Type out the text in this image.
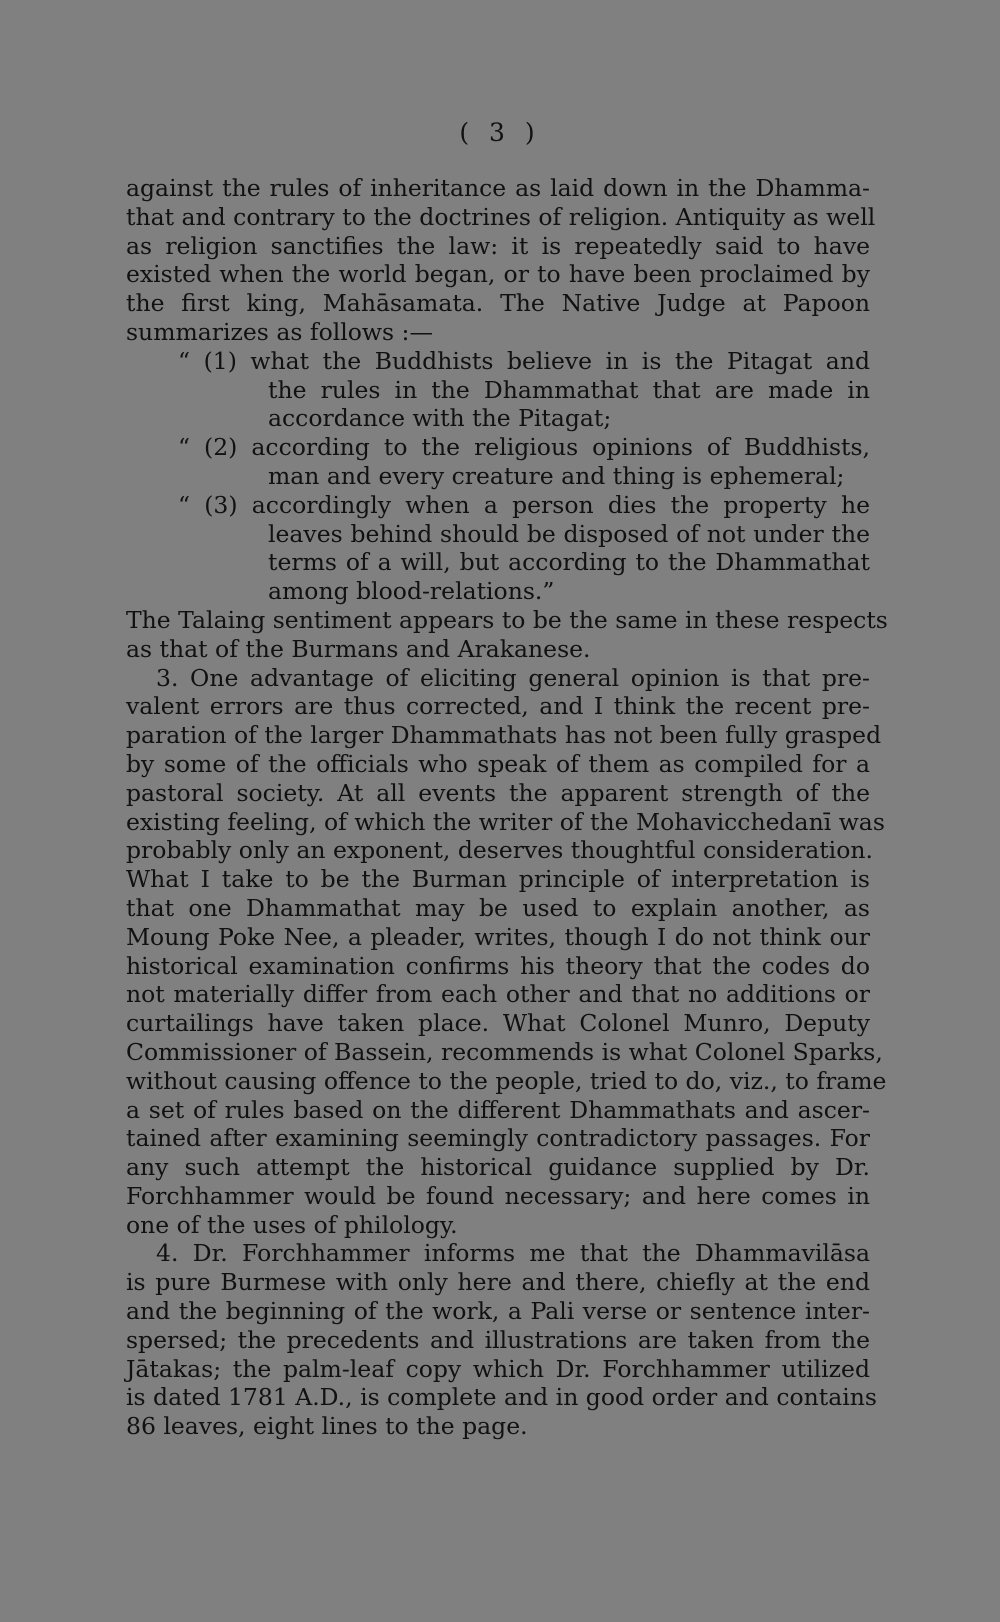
( 3 )
against the rules of inheritance as laid down in the Dhamma-
that and contrary to the doctrines of religion. Antiquity as well
as religion sanctifies the law: it is repeatedly said to have
existed when the world began, or to have been proclaimed by
the first king, Mahāsamata. The Native Judge at Papoon
summarizes as follows :—
“ (1) what the Buddhists believe in is the Pitagat and
the rules in the Dhammathat that are made in
accordance with the Pitagat;
“ (2) according to the religious opinions of Buddhists,
man and every creature and thing is ephemeral;
“ (3) accordingly when a person dies the property he
leaves behind should be disposed of not under the
terms of a will, but according to the Dhammathat
among blood-relations.”
The Talaing sentiment appears to be the same in these respects
as that of the Burmans and Arakanese.
3. One advantage of eliciting general opinion is that pre-
valent errors are thus corrected, and I think the recent pre-
paration of the larger Dhammathats has not been fully grasped
by some of the officials who speak of them as compiled for a
pastoral society. At all events the apparent strength of the
existing feeling, of which the writer of the Mohavicchedanī was
probably only an exponent, deserves thoughtful consideration.
What I take to be the Burman principle of interpretation is
that one Dhammathat may be used to explain another, as
Moung Poke Nee, a pleader, writes, though I do not think our
historical examination confirms his theory that the codes do
not materially differ from each other and that no additions or
curtailings have taken place. What Colonel Munro, Deputy
Commissioner of Bassein, recommends is what Colonel Sparks,
without causing offence to the people, tried to do, viz., to frame
a set of rules based on the different Dhammathats and ascer-
tained after examining seemingly contradictory passages. For
any such attempt the historical guidance supplied by Dr.
Forchhammer would be found necessary; and here comes in
one of the uses of philology.
4. Dr. Forchhammer informs me that the Dhammavilāsa
is pure Burmese with only here and there, chiefly at the end
and the beginning of the work, a Pali verse or sentence inter-
spersed; the precedents and illustrations are taken from the
Jātakas; the palm-leaf copy which Dr. Forchhammer utilized
is dated 1781 A.D., is complete and in good order and contains
86 leaves, eight lines to the page.
